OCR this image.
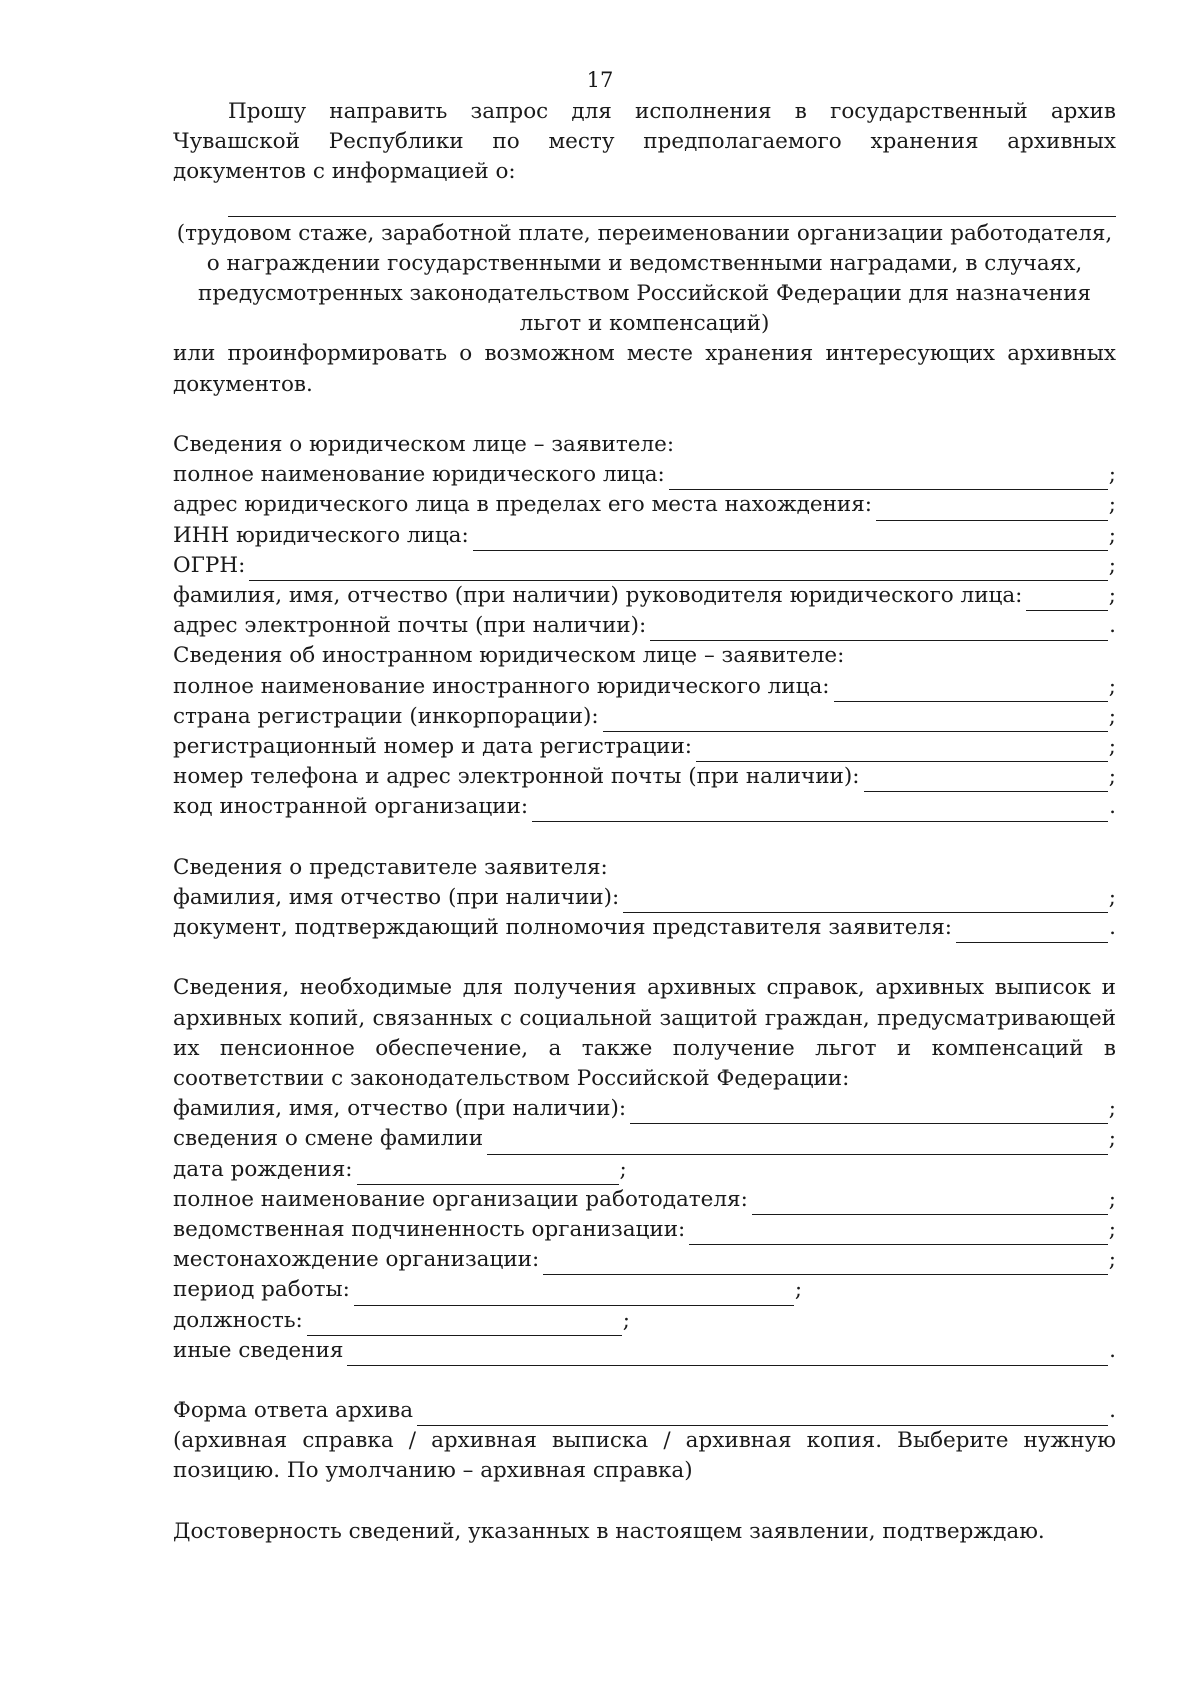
17
Прошу направить запрос для исполнения в государственный архив Чувашской Республики по месту предполагаемого хранения архивных документов с информацией о:
(трудовом стаже, заработной плате, переименовании организации работодателя, о награждении государственными и ведомственными наградами, в случаях, предусмотренных законодательством Российской Федерации для назначения льгот и компенсаций)
или проинформировать о возможном месте хранения интересующих архивных документов.
Сведения о юридическом лице – заявителе:
полное наименование юридического лица:	;
адрес юридического лица в пределах его места нахождения:	;
ИНН юридического лица:	;
ОГРН:	;
фамилия, имя, отчество (при наличии) руководителя юридического лица:	;
адрес электронной почты (при наличии):	.
Сведения об иностранном юридическом лице – заявителе:
полное наименование иностранного юридического лица:	;
страна регистрации (инкорпорации):	;
регистрационный номер и дата регистрации:	;
номер телефона и адрес электронной почты (при наличии):	;
код иностранной организации:	.
Сведения о представителе заявителя:
фамилия, имя отчество (при наличии):	;
документ, подтверждающий полномочия представителя заявителя:	.
Сведения, необходимые для получения архивных справок, архивных выписок и архивных копий, связанных с социальной защитой граждан, предусматривающей их пенсионное обеспечение, а также получение льгот и компенсаций в соответствии с законодательством Российской Федерации:
фамилия, имя, отчество (при наличии):	;
сведения о смене фамилии	;
дата рождения:	;
полное наименование организации работодателя:	;
ведомственная подчиненность организации:	;
местонахождение организации:	;
период работы:	;
должность:	;
иные сведения	.
Форма ответа архива	.
(архивная справка / архивная выписка / архивная копия. Выберите нужную позицию. По умолчанию – архивная справка)
Достоверность сведений, указанных в настоящем заявлении, подтверждаю.
